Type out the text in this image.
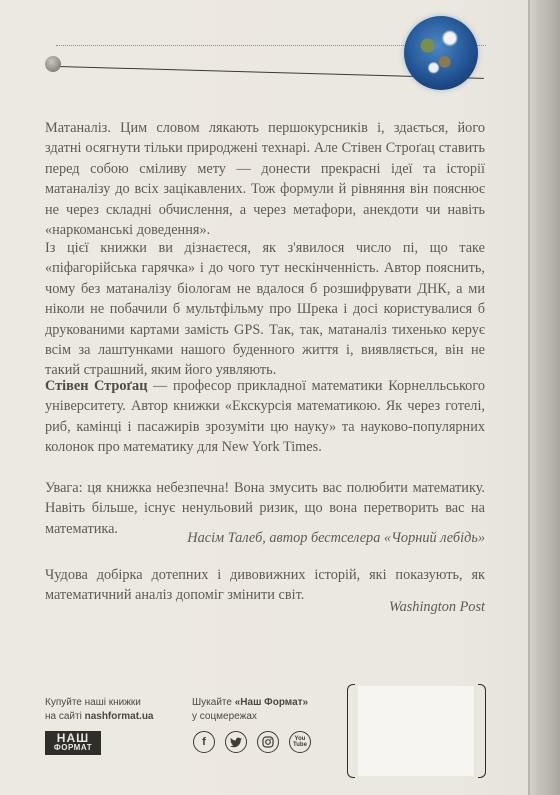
Матаналіз. Цим словом лякають першокурсників і, здається, його здатні осягнути тільки природжені технарі. Але Стівен Строґац ставить перед собою сміливу мету — донести прекрасні ідеї та історії матаналізу до всіх зацікавлених. Тож формули й рівняння він пояснює не через складні обчислення, а через метафори, анекдоти чи навіть «наркоманські доведення».

Із цієї книжки ви дізнаєтеся, як з'явилося число пі, що таке «піфагорійська гарячка» і до чого тут нескінченність. Автор пояснить, чому без матаналізу біологам не вдалося б розшифрувати ДНК, а ми ніколи не побачили б мультфільму про Шрека і досі користувалися б друкованими картами замість GPS. Так, так, матаналіз тихенько керує всім за лаштунками нашого буденного життя і, виявляється, він не такий страшний, яким його уявляють.

Стівен Строґац — професор прикладної математики Корнелльського університету. Автор книжки «Екскурсія математикою. Як через готелі, риб, камінці і пасажирів зрозуміти цю науку» та науково-популярних колонок про математику для New York Times.

Увага: ця книжка небезпечна! Вона змусить вас полюбити математику. Навіть більше, існує ненульовий ризик, що вона перетворить вас на математика.

Насім Талеб, автор бестселера «Чорний лебідь»

Чудова добірка дотепних і дивовижних історій, які показують, як математичний аналіз допоміг змінити світ.

Washington Post
Купуйте наші книжки
на сайті nashformat.ua
Шукайте «Наш Формат»
у соцмережах
НАШ
ФОРМАТ	f	You
Tube
